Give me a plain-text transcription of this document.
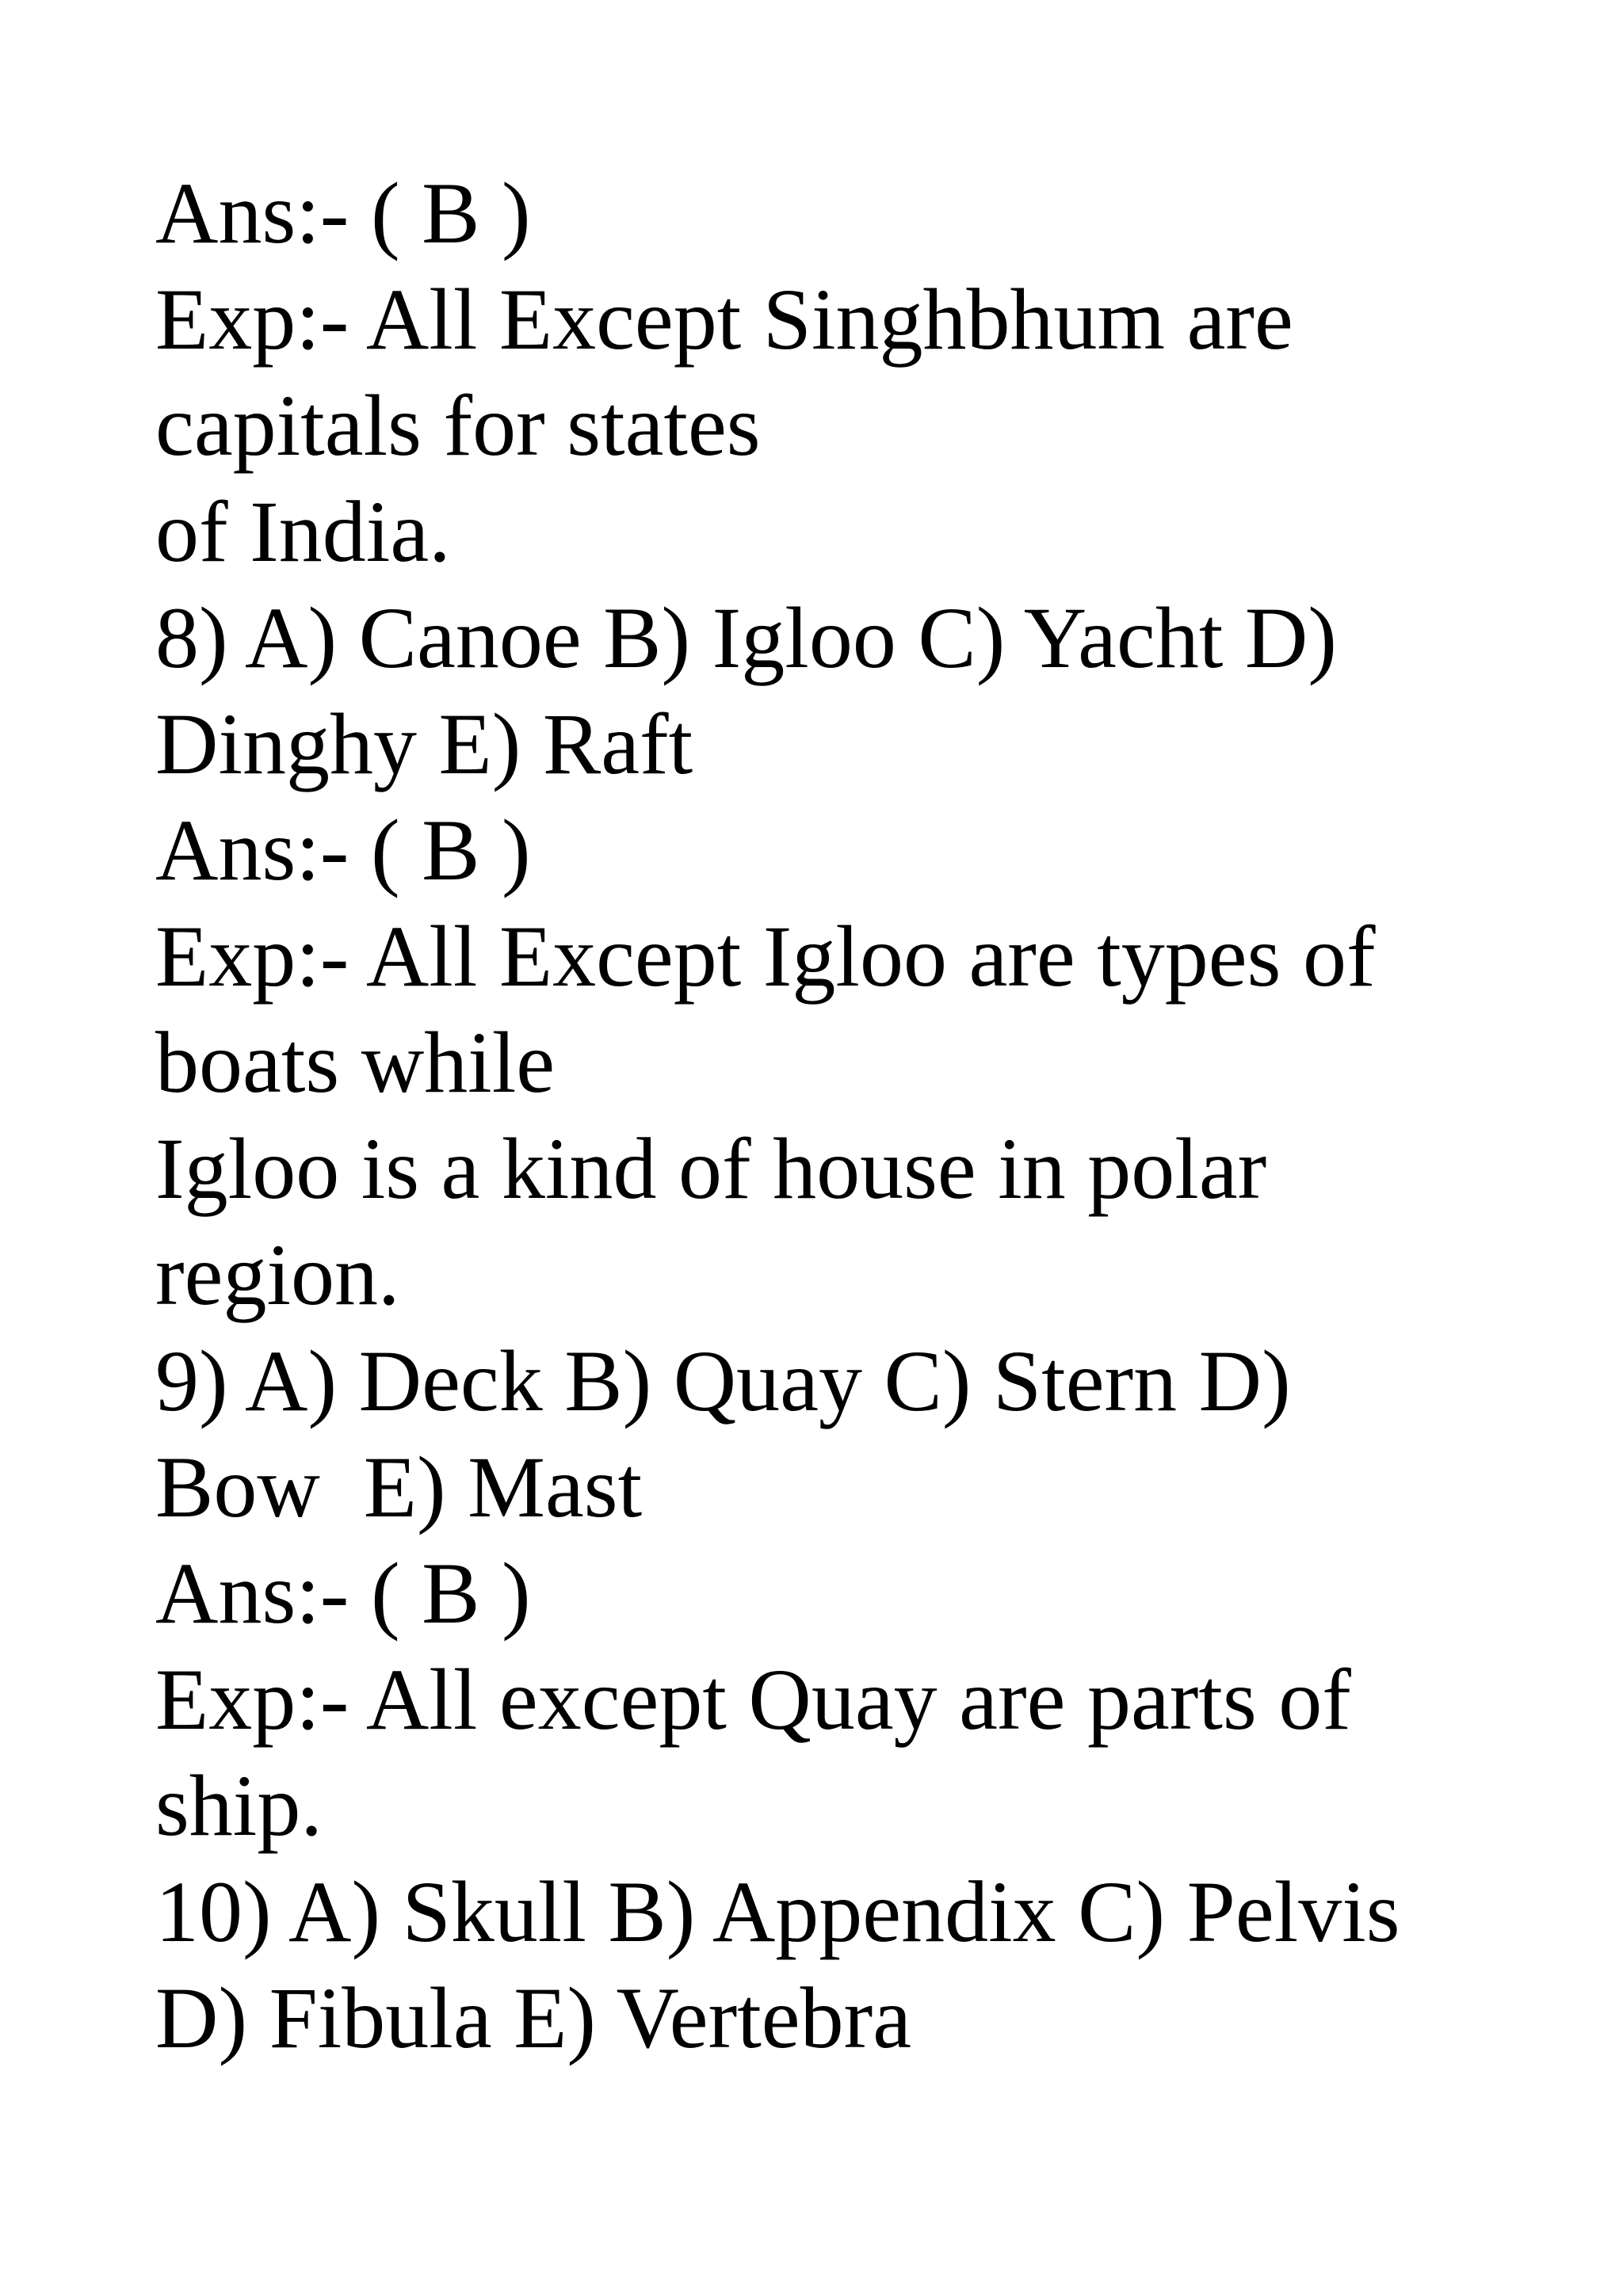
Ans:- ( B )

Exp:- All Except Singhbhum are

capitals for states

of India.

8) A) Canoe B) Igloo C) Yacht D)

Dinghy E) Raft

Ans:- ( B )

Exp:- All Except Igloo are types of

boats while

Igloo is a kind of house in polar

region.

9) A) Deck B) Quay C) Stern D)

Bow  E) Mast

Ans:- ( B )

Exp:- All except Quay are parts of

ship.

10) A) Skull B) Appendix C) Pelvis

D) Fibula E) Vertebra
